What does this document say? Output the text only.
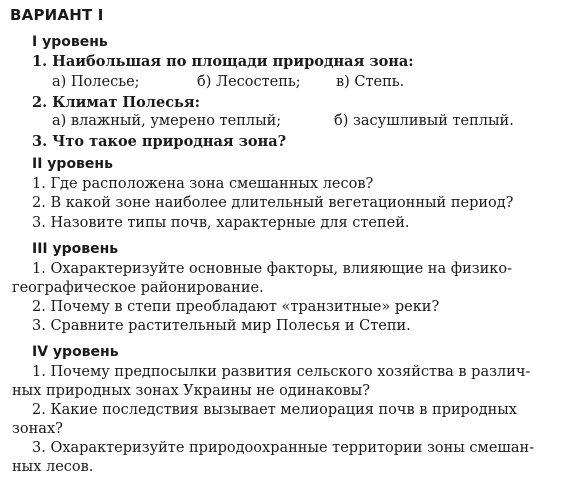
ВАРИАНТ I
I уровень
1. Наибольшая по площади природная зона:
а) Полесье;	б) Лесостепь; в) Степь.
2. Климат Полесья:
а) влажный, умерено теплый;	б) засушливый теплый.
3. Что такое природная зона?
II уровень
1. Где расположена зона смешанных лесов?
2. В какой зоне наиболее длительный вегетационный период?
3. Назовите типы почв, характерные для степей.
III уровень
1. Охарактеризуйте основные факторы, влияющие на физико-
географическое районирование.
2. Почему в степи преобладают «транзитные» реки?
3. Сравните растительный мир Полесья и Степи.
IV уровень
1. Почему предпосылки развития сельского хозяйства в различ-
ных природных зонах Украины не одинаковы?
2. Какие последствия вызывает мелиорация почв в природных
зонах?
3. Охарактеризуйте природоохранные территории зоны смешан-
ных лесов.
